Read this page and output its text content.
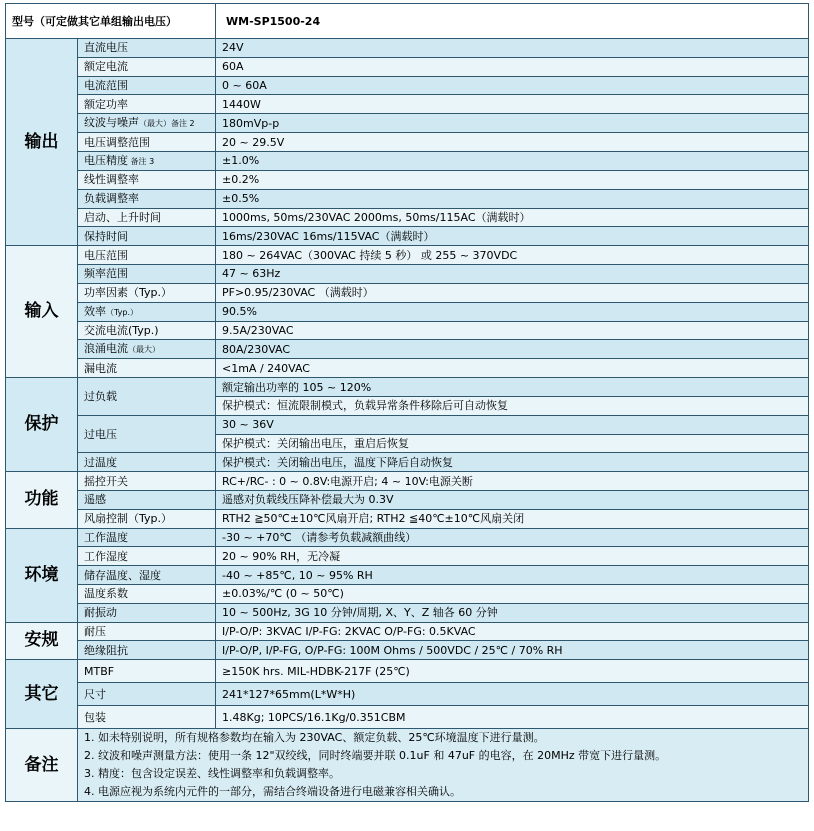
型号（可定做其它单组输出电压）		WM-SP1500-24
输出	直流电压	24V
	额定电流	60A
	电流范围	0 ~ 60A
	额定功率	1440W
	纹波与噪声（最大）备注 2	180mVp-p
	电压调整范围	20 ~ 29.5V
	电压精度 备注 3	±1.0%
	线性调整率	±0.2%
	负载调整率	±0.5%
	启动、上升时间	1000ms, 50ms/230VAC 2000ms, 50ms/115AC（满载时）
	保持时间	16ms/230VAC 16ms/115VAC（满载时）
输入	电压范围	180 ~ 264VAC（300VAC 持续 5 秒） 或 255 ~ 370VDC
	频率范围	47 ~ 63Hz
	功率因素（Typ.）	PF>0.95/230VAC （满载时）
	效率（Typ.）	90.5%
	交流电流(Typ.)	9.5A/230VAC
	浪涌电流（最大）	80A/230VAC
	漏电流	<1mA / 240VAC
保护	过负载	额定输出功率的 105 ~ 120%
		保护模式：恒流限制模式，负载异常条件移除后可自动恢复
	过电压	30 ~ 36V
		保护模式：关闭输出电压，重启后恢复
	过温度	保护模式：关闭输出电压，温度下降后自动恢复
功能	摇控开关	RC+/RC- : 0 ~ 0.8V:电源开启; 4 ~ 10V:电源关断
	遥感	遥感对负载线压降补偿最大为 0.3V
	风扇控制（Typ.）	RTH2 ≧50℃±10℃风扇开启; RTH2 ≦40℃±10℃风扇关闭
环境	工作温度	-30 ~ +70℃ （请参考负载减额曲线）
	工作湿度	20 ~ 90% RH，无冷凝
	储存温度、湿度	-40 ~ +85℃, 10 ~ 95% RH
	温度系数	±0.03%/℃ (0 ~ 50℃)
	耐振动	10 ~ 500Hz, 3G 10 分钟/周期, X、Y、Z 轴各 60 分钟
安规	耐压	I/P-O/P: 3KVAC I/P-FG: 2KVAC O/P-FG: 0.5KVAC
	绝缘阻抗	I/P-O/P, I/P-FG, O/P-FG: 100M Ohms / 500VDC / 25℃ / 70% RH
其它	MTBF	≥150K hrs. MIL-HDBK-217F (25℃)
	尺寸	241*127*65mm(L*W*H)
	包装	1.48Kg; 10PCS/16.1Kg/0.351CBM
备注	1. 如未特别说明，所有规格参数均在输入为 230VAC、额定负载、25℃环境温度下进行量测。
2. 纹波和噪声测量方法：使用一条 12"双绞线，同时终端要并联 0.1uF 和 47uF 的电容，在 20MHz 带宽下进行量测。
3. 精度：包含设定误差、线性调整率和负载调整率。
4. 电源应视为系统内元件的一部分，需结合终端设备进行电磁兼容相关确认。	
